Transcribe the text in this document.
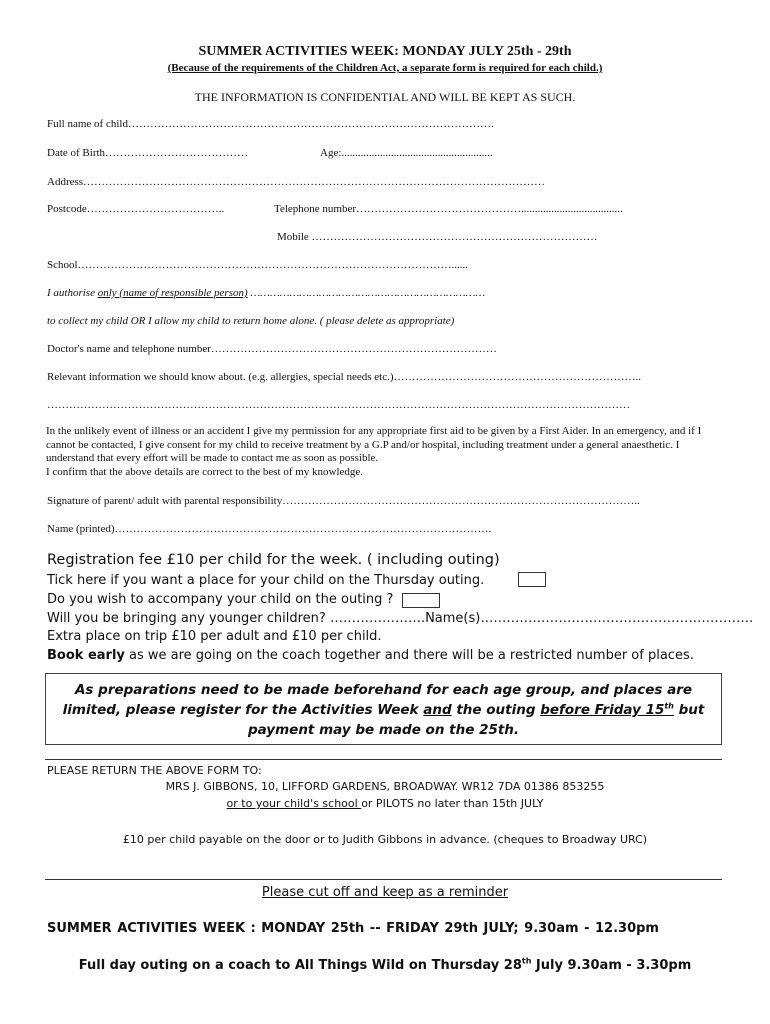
SUMMER ACTIVITIES WEEK: MONDAY JULY 25th - 29th
(Because of the requirements of the Children Act, a separate form is required for each child.)
THE INFORMATION IS CONFIDENTIAL AND WILL BE KEPT AS SUCH.
Full name of child……………………………………………………………………………………….
Date of Birth…………………………………	Age:.......................................................
Address………………………………………………………………………………………………………………
Postcode………………………………..	Telephone number……………………………………….....................................
Mobile ……………………………………………………………………
School…………………………………………………………………………………………......
I authorise only (name of responsible person) ………………………………………………………………
to collect my child OR I allow my child to return home alone. ( please delete as appropriate)
Doctor's name and telephone number……………………………………………………………………
Relevant information we should know about. (e.g. allergies, special needs etc.)…………………………………………………………..
……………………………………………………………………………………………………………………………………………
In the unlikely event of illness or an accident I give my permission for any appropriate first aid to be given by a First Aider. In an emergency, and if I cannot be contacted, I give consent for my child to receive treatment by a G.P and/or hospital, including treatment under a general anaesthetic. I understand that every effort will be made to contact me as soon as possible.
I confirm that the above details are correct to the best of my knowledge.
Signature of parent/ adult with parental responsibility……………………………………………………………………………………..
Name (printed)………………………………………………………………………………………….
Registration fee £10 per child for the week. ( including outing)
Tick here if you want a place for your child on the Thursday outing.
Do you wish to accompany your child on the outing ?
Will you be bringing any younger children? ………………….Name(s)………………………………………………………
Extra place on trip £10 per adult and £10 per child.
Book early as we are going on the coach together and there will be a restricted number of places.
As preparations need to be made beforehand for each age group, and places are limited, please register for the Activities Week and the outing before Friday 15th but payment may be made on the 25th.
PLEASE RETURN THE ABOVE FORM TO:
MRS J. GIBBONS, 10, LIFFORD GARDENS, BROADWAY. WR12 7DA 01386 853255
or to your child's school or PILOTS no later than 15th JULY
£10 per child payable on the door or to Judith Gibbons in advance. (cheques to Broadway URC)
Please cut off and keep as a reminder
SUMMER ACTIVITIES WEEK : MONDAY 25th -- FRIDAY 29th JULY; 9.30am - 12.30pm
Full day outing on a coach to All Things Wild on Thursday 28th July 9.30am - 3.30pm
